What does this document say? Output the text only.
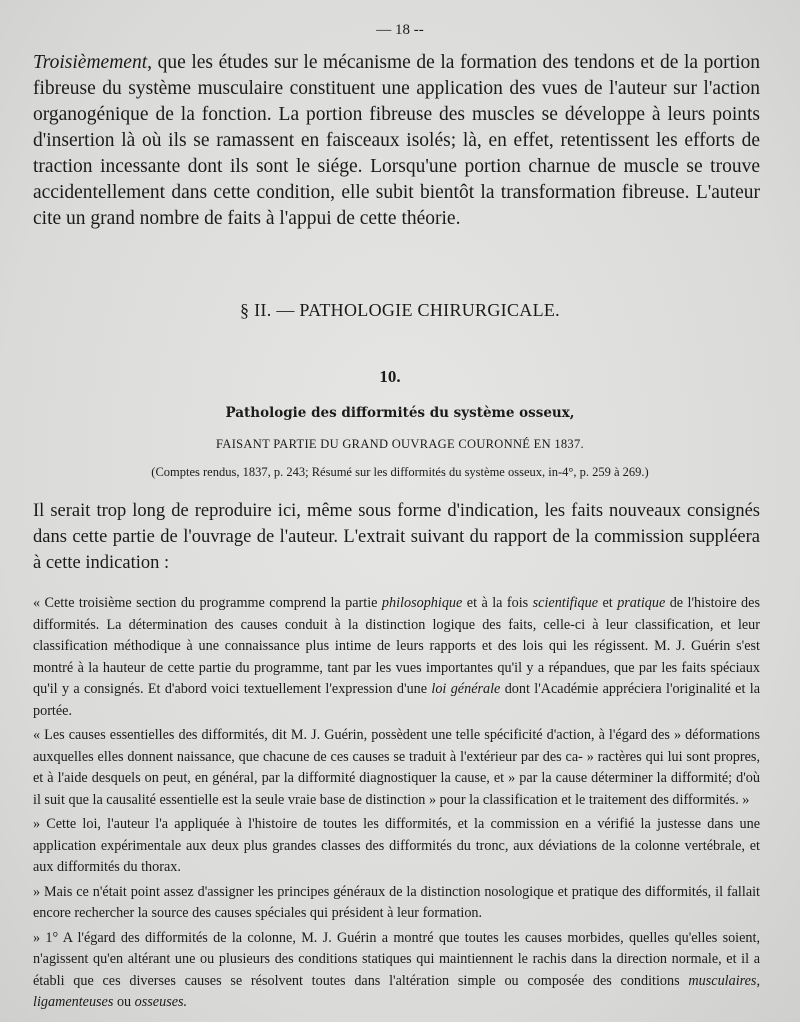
— 18 --
Troisièmement, que les études sur le mécanisme de la formation des tendons et de la portion fibreuse du système musculaire constituent une application des vues de l'auteur sur l'action organogénique de la fonction. La portion fibreuse des muscles se développe à leurs points d'insertion là où ils se ramassent en faisceaux isolés; là, en effet, retentissent les efforts de traction incessante dont ils sont le siége. Lorsqu'une portion charnue de muscle se trouve accidentellement dans cette condition, elle subit bientôt la transformation fibreuse. L'auteur cite un grand nombre de faits à l'appui de cette théorie.
§ II. — PATHOLOGIE CHIRURGICALE.
10.
Pathologie des difformités du système osseux,
FAISANT PARTIE DU GRAND OUVRAGE COURONNÉ EN 1837.
(Comptes rendus, 1837, p. 243; Résumé sur les difformités du système osseux, in-4°, p. 259 à 269.)
Il serait trop long de reproduire ici, même sous forme d'indication, les faits nouveaux consignés dans cette partie de l'ouvrage de l'auteur. L'extrait suivant du rapport de la commission suppléera à cette indication :

« Cette troisième section du programme comprend la partie philosophique et à la fois scientifique et pratique de l'histoire des difformités. La détermination des causes conduit à la distinction logique des faits, celle-ci à leur classification, et leur classification méthodique à une connaissance plus intime de leurs rapports et des lois qui les régissent. M. J. Guérin s'est montré à la hauteur de cette partie du programme, tant par les vues importantes qu'il y a répandues, que par les faits spéciaux qu'il y a consignés. Et d'abord voici textuellement l'expression d'une loi générale dont l'Académie appréciera l'originalité et la portée.

« Les causes essentielles des difformités, dit M. J. Guérin, possèdent une telle spécificité d'action, à l'égard des » déformations auxquelles elles donnent naissance, que chacune de ces causes se traduit à l'extérieur par des ca- » ractères qui lui sont propres, et à l'aide desquels on peut, en général, par la difformité diagnostiquer la cause, et » par la cause déterminer la difformité; d'où il suit que la causalité essentielle est la seule vraie base de distinction » pour la classification et le traitement des difformités. »

» Cette loi, l'auteur l'a appliquée à l'histoire de toutes les difformités, et la commission en a vérifié la justesse dans une application expérimentale aux deux plus grandes classes des difformités du tronc, aux déviations de la colonne vertébrale, et aux difformités du thorax.

» Mais ce n'était point assez d'assigner les principes généraux de la distinction nosologique et pratique des difformités, il fallait encore rechercher la source des causes spéciales qui président à leur formation.

» 1° A l'égard des difformités de la colonne, M. J. Guérin a montré que toutes les causes morbides, quelles qu'elles soient, n'agissent qu'en altérant une ou plusieurs des conditions statiques qui maintiennent le rachis dans la direction normale, et il a établi que ces diverses causes se résolvent toutes dans l'altération simple ou composée des conditions musculaires, ligamenteuses ou osseuses.
